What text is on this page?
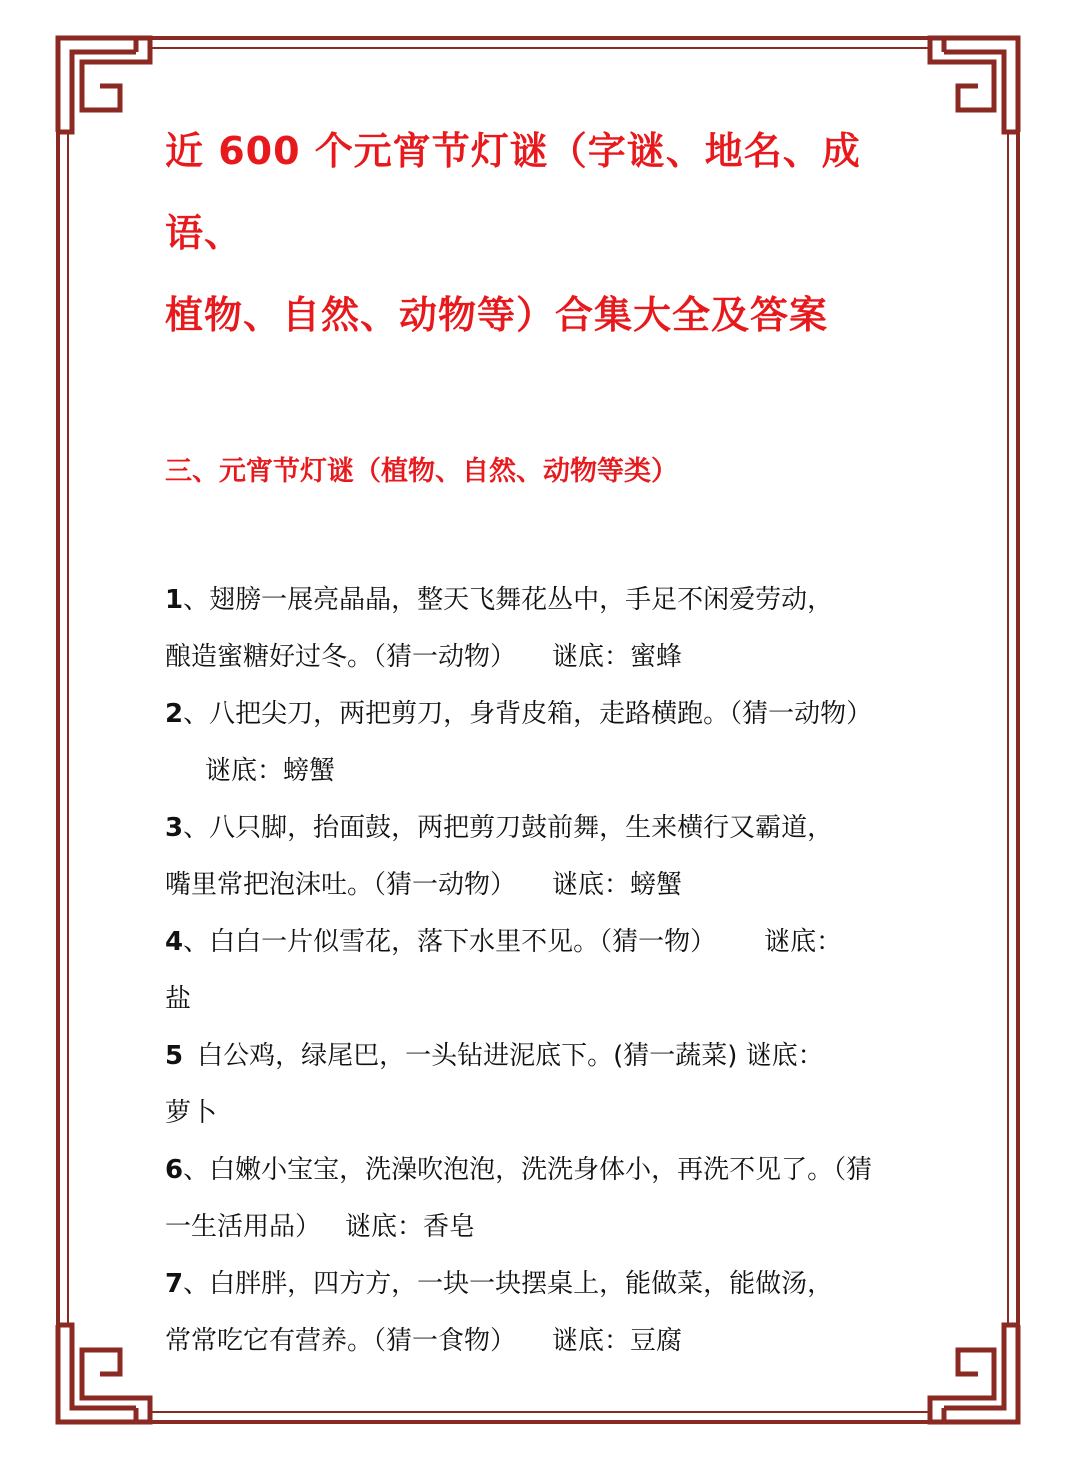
近 600 个元宵节灯谜（字谜、地名、成语、
植物、自然、动物等）合集大全及答案
三、元宵节灯谜（植物、自然、动物等类）

1、翅膀一展亮晶晶，整天飞舞花丛中，手足不闲爱劳动，
酿造蜜糖好过冬。（猜一动物） 谜底：蜜蜂

2、八把尖刀，两把剪刀，身背皮箱，走路横跑。（猜一动物）
谜底：螃蟹

3、八只脚，抬面鼓，两把剪刀鼓前舞，生来横行又霸道，
嘴里常把泡沫吐。（猜一动物） 谜底：螃蟹

4、白白一片似雪花，落下水里不见。（猜一物） 谜底：
盐

5 白公鸡，绿尾巴，一头钻进泥底下。(猜一蔬菜) 谜底：
萝卜

6、白嫩小宝宝，洗澡吹泡泡，洗洗身体小，再洗不见了。（猜
一生活用品） 谜底：香皂

7、白胖胖，四方方，一块一块摆桌上，能做菜，能做汤，
常常吃它有营养。（猜一食物） 谜底：豆腐
